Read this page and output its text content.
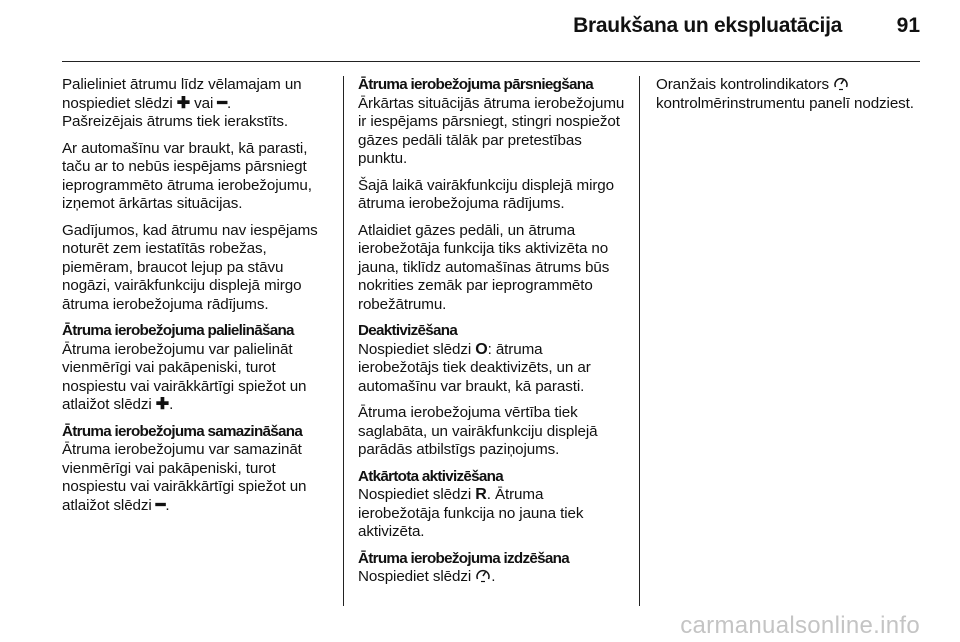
Braukšana un ekspluatācija	91

Palieliniet ātrumu līdz vēlamajam un nospiediet slēdzi ✚ vai ━.

Pašreizējais ātrums tiek ierakstīts.

Ar automašīnu var braukt, kā parasti, taču ar to nebūs iespējams pārsniegt ieprogrammēto ātruma ierobežojumu, izņemot ārkārtas situācijas.

Gadījumos, kad ātrumu nav iespējams noturēt zem iestatītās robežas, piemēram, braucot lejup pa stāvu nogāzi, vairākfunkciju displejā mirgo ātruma ierobežojuma rādījums.

Ātruma ierobežojuma palielināšana

Ātruma ierobežojumu var palielināt vienmērīgi vai pakāpeniski, turot nospiestu vai vairākkārtīgi spiežot un atlaižot slēdzi ✚.

Ātruma ierobežojuma samazināšana

Ātruma ierobežojumu var samazināt vienmērīgi vai pakāpeniski, turot nospiestu vai vairākkārtīgi spiežot un atlaižot slēdzi ━.

Ātruma ierobežojuma pārsniegšana

Ārkārtas situācijās ātruma ierobežojumu ir iespējams pārsniegt, stingri nospiežot gāzes pedāli tālāk par pretestības punktu.

Šajā laikā vairākfunkciju displejā mirgo ātruma ierobežojuma rādījums.

Atlaidiet gāzes pedāli, un ātruma ierobežotāja funkcija tiks aktivizēta no jauna, tiklīdz automašīnas ātrums būs nokrities zemāk par ieprogrammēto robežātrumu.

Deaktivizēšana

Nospiediet slēdzi O: ātruma ierobežotājs tiek deaktivizēts, un ar automašīnu var braukt, kā parasti.

Ātruma ierobežojuma vērtība tiek saglabāta, un vairākfunkciju displejā parādās atbilstīgs paziņojums.

Atkārtota aktivizēšana

Nospiediet slēdzi R. Ātruma ierobežotāja funkcija no jauna tiek aktivizēta.

Ātruma ierobežojuma izdzēšana

Nospiediet slēdzi .

Oranžais kontrolindikators  kontrolmērinstrumentu panelī nodziest.

carmanualsonline.info
